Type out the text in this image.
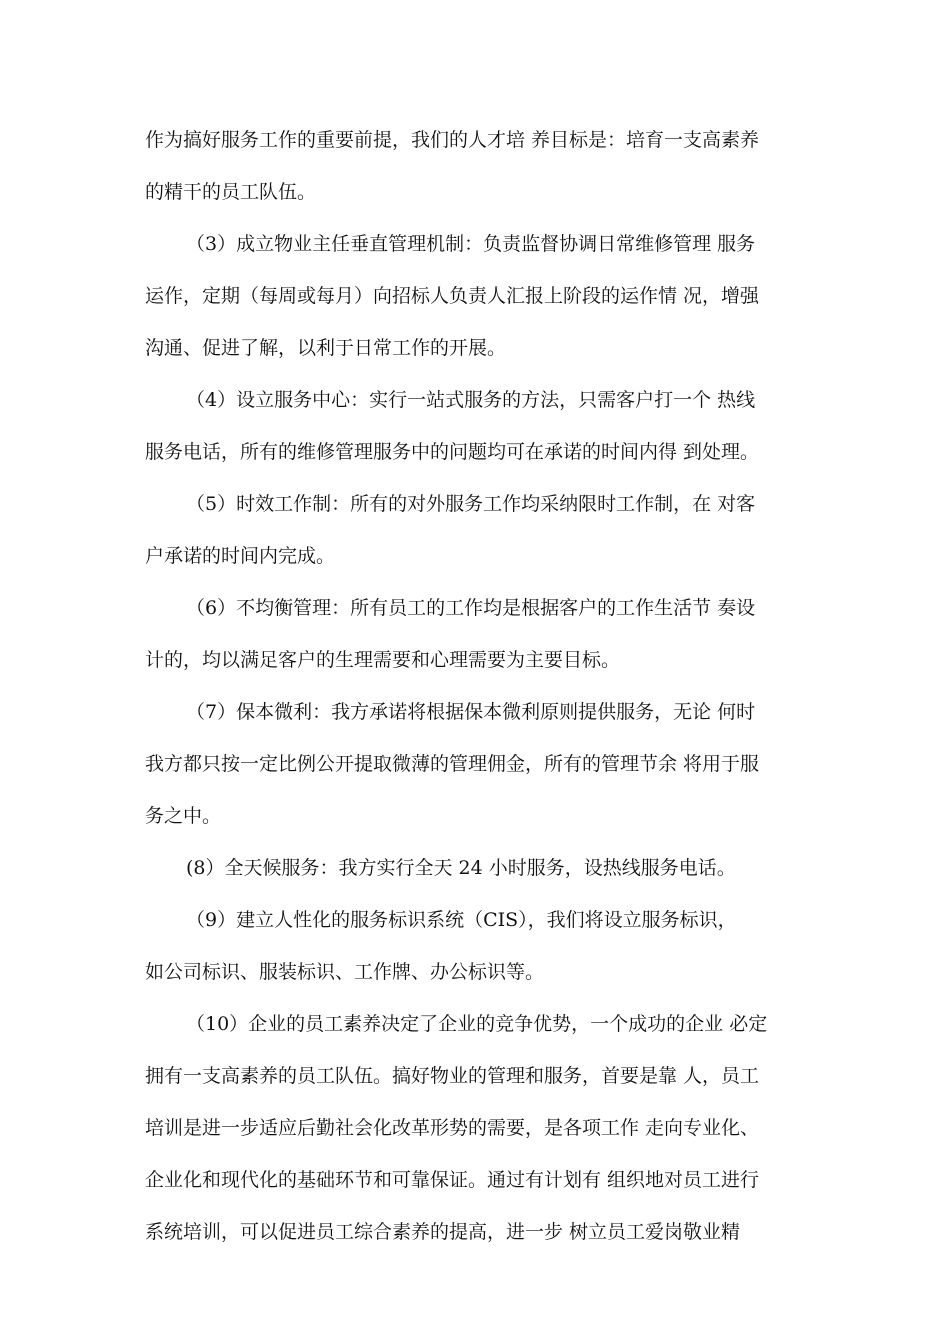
作为搞好服务工作的重要前提，我们的人才培 养目标是：培育一支高素养
的精干的员工队伍。
（3）成立物业主任垂直管理机制：负责监督协调日常维修管理 服务
运作，定期（每周或每月）向招标人负责人汇报上阶段的运作情 况，增强
沟通、促进了解，以利于日常工作的开展。
（4）设立服务中心：实行一站式服务的方法，只需客户打一个 热线
服务电话，所有的维修管理服务中的问题均可在承诺的时间内得 到处理。
（5）时效工作制：所有的对外服务工作均采纳限时工作制，在 对客
户承诺的时间内完成。
（6）不均衡管理：所有员工的工作均是根据客户的工作生活节 奏设
计的，均以满足客户的生理需要和心理需要为主要目标。
（7）保本微利：我方承诺将根据保本微利原则提供服务，无论 何时
我方都只按一定比例公开提取微薄的管理佣金，所有的管理节余 将用于服
务之中。
(8）全天候服务：我方实行全天 24 小时服务，设热线服务电话。
（9）建立人性化的服务标识系统（CIS），我们将设立服务标识，
如公司标识、服装标识、工作牌、办公标识等。
（10）企业的员工素养决定了企业的竞争优势，一个成功的企业 必定
拥有一支高素养的员工队伍。搞好物业的管理和服务，首要是靠 人，员工
培训是进一步适应后勤社会化改革形势的需要，是各项工作 走向专业化、
企业化和现代化的基础环节和可靠保证。通过有计划有 组织地对员工进行
系统培训，可以促进员工综合素养的提高，进一步 树立员工爱岗敬业精
